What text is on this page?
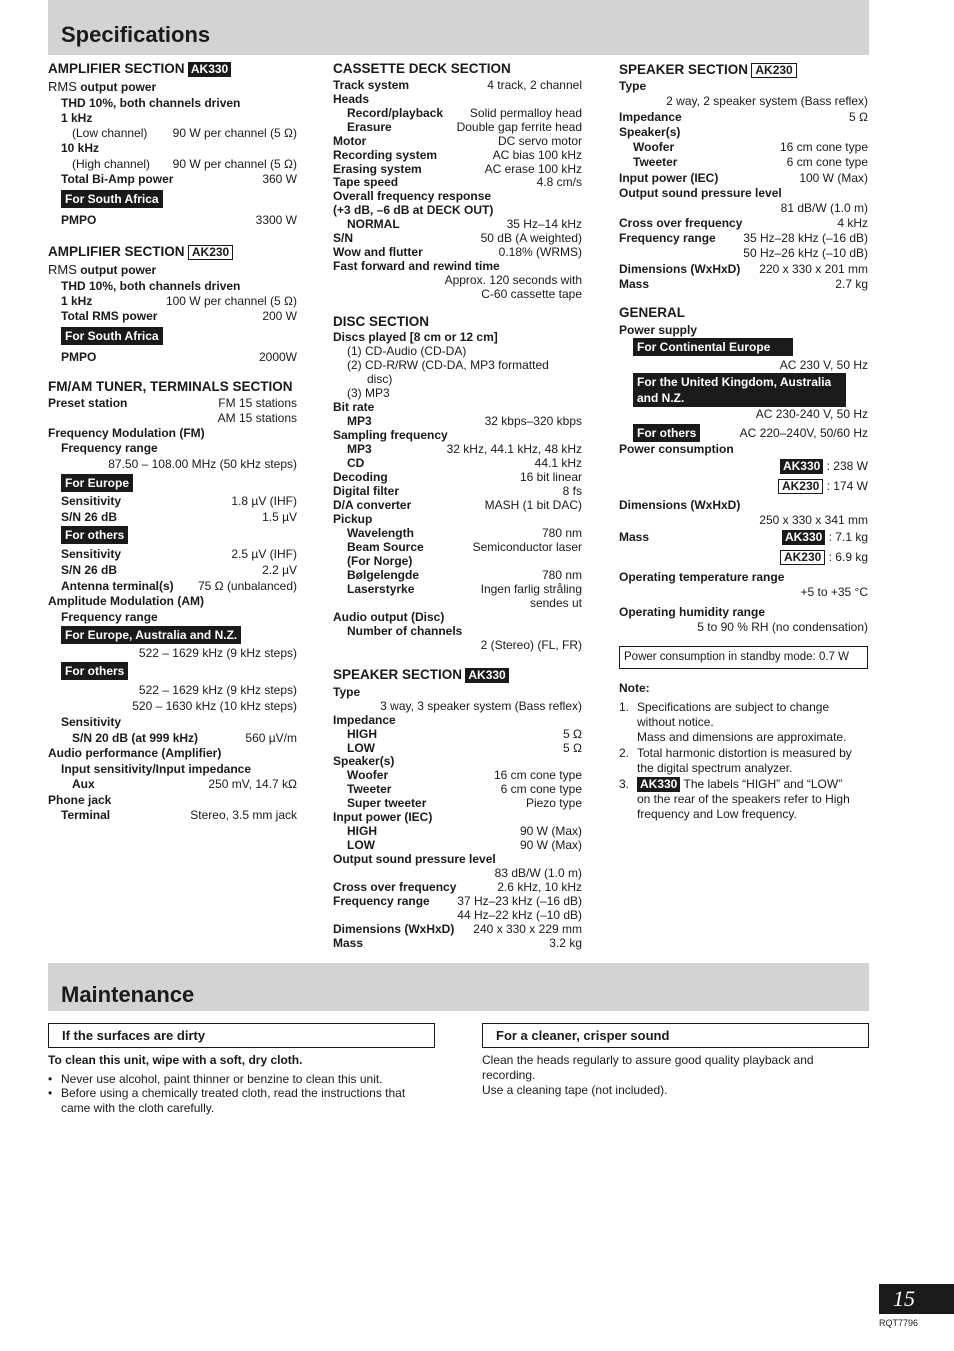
Specifications
AMPLIFIER SECTION AK330
RMS output power
THD 10%, both channels driven
1 kHz
(Low channel) 90 W per channel (5 Ω)
10 kHz
(High channel) 90 W per channel (5 Ω)
Total Bi-Amp power	360 W
For South Africa
PMPO	3300 W
AMPLIFIER SECTION AK230
RMS output power
THD 10%, both channels driven
1 kHz	100 W per channel (5 Ω)
Total RMS power	200 W
For South Africa
PMPO	2000W
FM/AM TUNER, TERMINALS SECTION
Preset station	FM 15 stations
AM 15 stations
Frequency Modulation (FM)
Frequency range
87.50 – 108.00 MHz (50 kHz steps)
For Europe
Sensitivity	1.8 µV (IHF)
S/N 26 dB	1.5 µV
For others
Sensitivity	2.5 µV (IHF)
S/N 26 dB	2.2 µV
Antenna terminal(s) 75 Ω (unbalanced)
Amplitude Modulation (AM)
Frequency range
For Europe, Australia and N.Z.
522 – 1629 kHz (9 kHz steps)
For others
522 – 1629 kHz (9 kHz steps)
520 – 1630 kHz (10 kHz steps)
Sensitivity
S/N 20 dB (at 999 kHz)	560 µV/m
Audio performance (Amplifier)
Input sensitivity/Input impedance
Aux	250 mV, 14.7 kΩ
Phone jack
Terminal	Stereo, 3.5 mm jack
CASSETTE DECK SECTION
Track system	4 track, 2 channel
Heads
Record/playback Solid permalloy head
Erasure	Double gap ferrite head
Motor	DC servo motor
Recording system	AC bias 100 kHz
Erasing system	AC erase 100 kHz
Tape speed	4.8 cm/s
Overall frequency response
(+3 dB, –6 dB at DECK OUT)
NORMAL	35 Hz–14 kHz
S/N	50 dB (A weighted)
Wow and flutter	0.18% (WRMS)
Fast forward and rewind time
Approx. 120 seconds with
C-60 cassette tape
DISC SECTION
Discs played [8 cm or 12 cm]
(1) CD-Audio (CD-DA)
(2) CD-R/RW (CD-DA, MP3 formatted
disc)
(3) MP3
Bit rate
MP3	32 kbps–320 kbps
Sampling frequency
MP3	32 kHz, 44.1 kHz, 48 kHz
CD	44.1 kHz
Decoding	16 bit linear
Digital filter	8 fs
D/A converter	MASH (1 bit DAC)
Pickup
Wavelength	780 nm
Beam Source	Semiconductor laser
(For Norge)
Bølgelengde	780 nm
Laserstyrke	Ingen farlig stråling
sendes ut
Audio output (Disc)
Number of channels
2 (Stereo) (FL, FR)
SPEAKER SECTION AK330
Type
3 way, 3 speaker system (Bass reflex)
Impedance
HIGH	5 Ω
LOW	5 Ω
Speaker(s)
Woofer	16 cm cone type
Tweeter	6 cm cone type
Super tweeter	Piezo type
Input power (IEC)
HIGH	90 W (Max)
LOW	90 W (Max)
Output sound pressure level
83 dB/W (1.0 m)
Cross over frequency	2.6 kHz, 10 kHz
Frequency range 37 Hz–23 kHz (–16 dB)
44 Hz–22 kHz (–10 dB)
Dimensions (WxHxD) 240 x 330 x 229 mm
Mass	3.2 kg
SPEAKER SECTION AK230
Type
2 way, 2 speaker system (Bass reflex)
Impedance	5 Ω
Speaker(s)
Woofer	16 cm cone type
Tweeter	6 cm cone type
Input power (IEC)	100 W (Max)
Output sound pressure level
81 dB/W (1.0 m)
Cross over frequency	4 kHz
Frequency range 35 Hz–28 kHz (–16 dB)
50 Hz–26 kHz (–10 dB)
Dimensions (WxHxD) 220 x 330 x 201 mm
Mass	2.7 kg
GENERAL
Power supply
For Continental Europe
AC 230 V, 50 Hz
For the United Kingdom, Australia
and N.Z.
AC 230-240 V, 50 Hz
For others	AC 220–240V, 50/60 Hz
Power consumption
AK330 : 238 W
AK230 : 174 W
Dimensions (WxHxD)
250 x 330 x 341 mm
Mass	AK330 : 7.1 kg
AK230 : 6.9 kg
Operating temperature range
+5 to +35 °C
Operating humidity range
5 to 90 % RH (no condensation)
Power consumption in standby mode: 0.7 W
Note:
1. Specifications are subject to change
without notice.
Mass and dimensions are approximate.
2. Total harmonic distortion is measured by
the digital spectrum analyzer.
3. AK330 The labels “HIGH” and “LOW”
on the rear of the speakers refer to High
frequency and Low frequency.
Maintenance
If the surfaces are dirty
To clean this unit, wipe with a soft, dry cloth.
• Never use alcohol, paint thinner or benzine to clean this unit.
• Before using a chemically treated cloth, read the instructions that
came with the cloth carefully.
For a cleaner, crisper sound
Clean the heads regularly to assure good quality playback and
recording.
Use a cleaning tape (not included).
15
RQT7796
